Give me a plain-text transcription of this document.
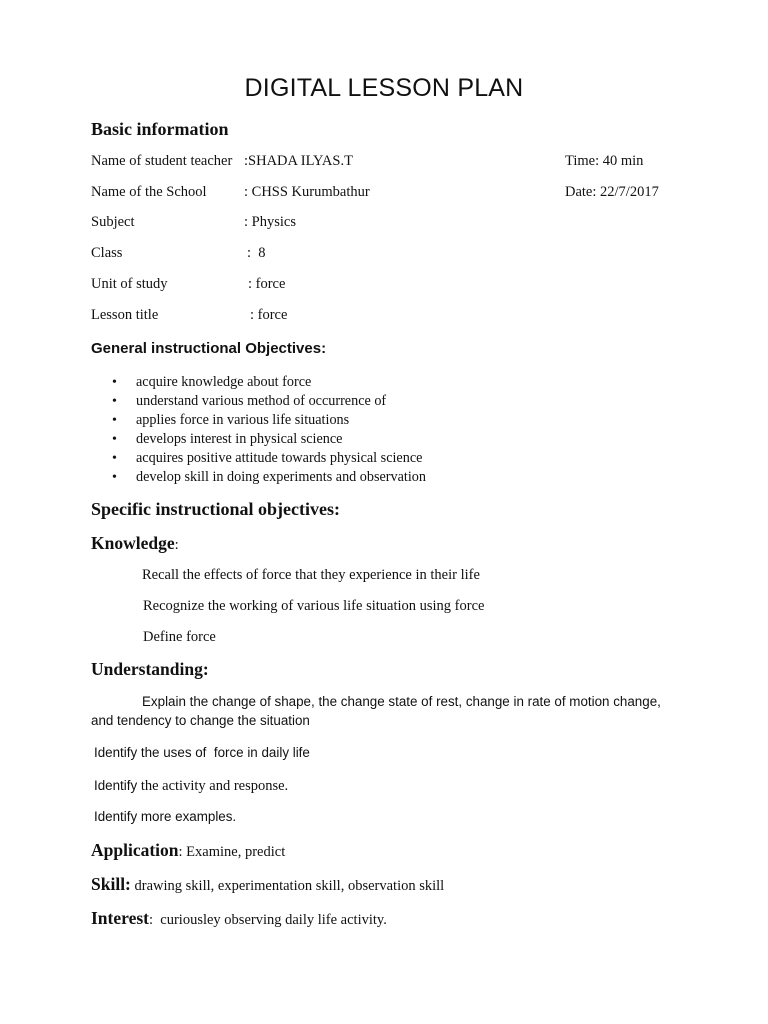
DIGITAL LESSON PLAN
Basic information
Name of student teacher :SHADA ILYAS.T	Time: 40 min
Name of the School	: CHSS Kurumbathur	Date: 22/7/2017
Subject	: Physics
Class	:  8
Unit of study	: force
Lesson title	: force
General instructional Objectives:
• acquire knowledge about force
• understand various method of occurrence of
• applies force in various life situations
• develops interest in physical science
• acquires positive attitude towards physical science
• develop skill in doing experiments and observation
Specific instructional objectives:
Knowledge:
Recall the effects of force that they experience in their life
Recognize the working of various life situation using force
Define force
Understanding:
Explain the change of shape, the change state of rest, change in rate of motion change,
and tendency to change the situation
Identify the uses of  force in daily life
Identify the activity and response.
Identify more examples.
Application: Examine, predict
Skill: drawing skill, experimentation skill, observation skill
Interest:  curiousley observing daily life activity.
